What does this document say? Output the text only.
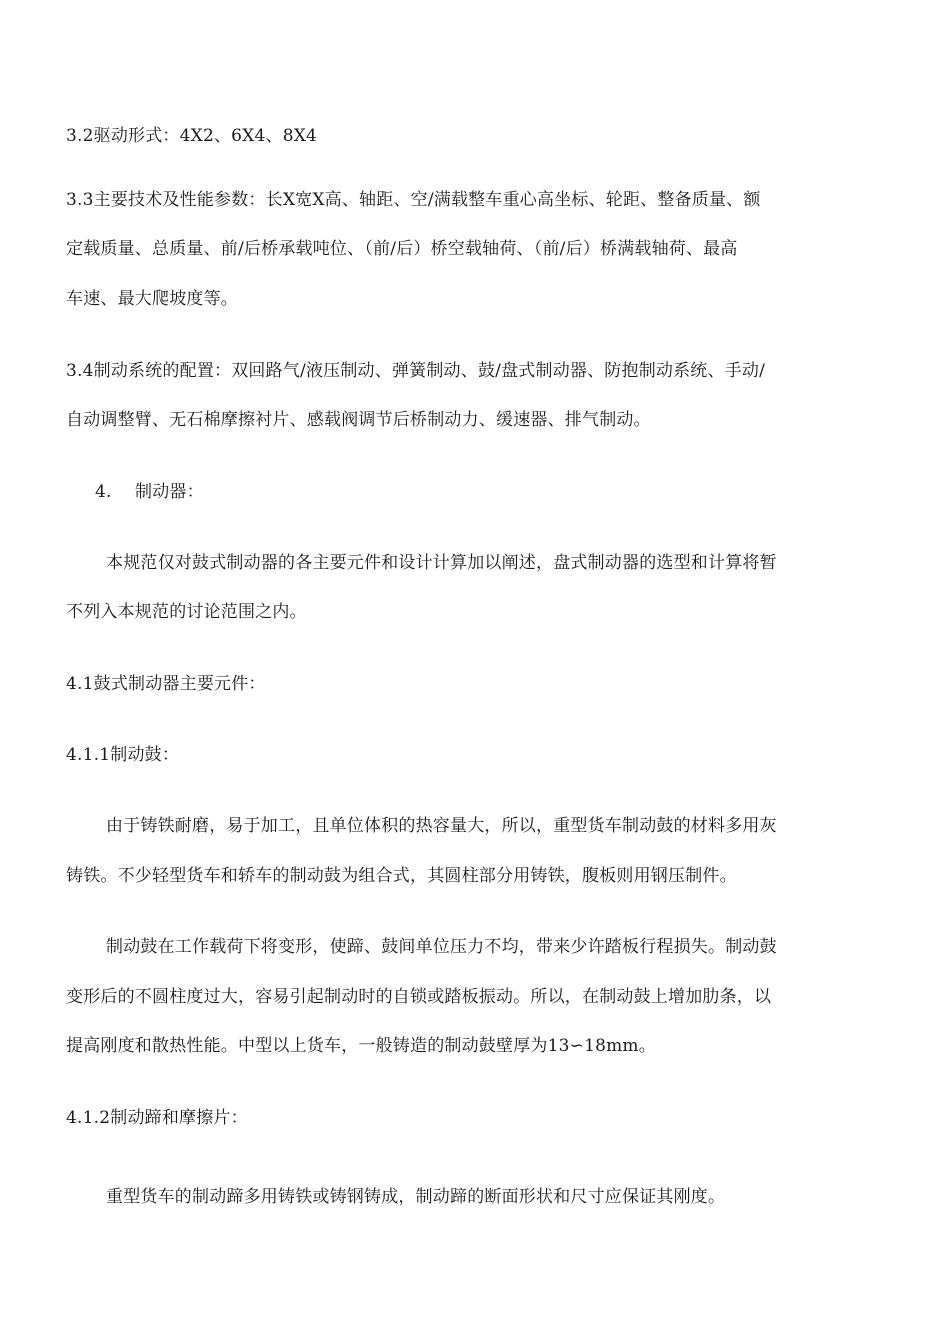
3.2驱动形式：4X2、6X4、8X4
3.3主要技术及性能参数：长X宽X高、轴距、空/满载整车重心高坐标、轮距、整备质量、额
定载质量、总质量、前/后桥承载吨位、（前/后）桥空载轴荷、（前/后）桥满载轴荷、最高
车速、最大爬坡度等。
3.4制动系统的配置：双回路气/液压制动、弹簧制动、鼓/盘式制动器、防抱制动系统、手动/
自动调整臂、无石棉摩擦衬片、感载阀调节后桥制动力、缓速器、排气制动。
4. 制动器：
本规范仅对鼓式制动器的各主要元件和设计计算加以阐述，盘式制动器的选型和计算将暂
不列入本规范的讨论范围之内。
4.1鼓式制动器主要元件：
4.1.1制动鼓：
由于铸铁耐磨，易于加工，且单位体积的热容量大，所以，重型货车制动鼓的材料多用灰
铸铁。不少轻型货车和轿车的制动鼓为组合式，其圆柱部分用铸铁，腹板则用钢压制件。
制动鼓在工作载荷下将变形，使蹄、鼓间单位压力不均，带来少许踏板行程损失。制动鼓
变形后的不圆柱度过大，容易引起制动时的自锁或踏板振动。所以，在制动鼓上增加肋条，以
提高刚度和散热性能。中型以上货车，一般铸造的制动鼓壁厚为13∽18mm。
4.1.2制动蹄和摩擦片：
重型货车的制动蹄多用铸铁或铸钢铸成，制动蹄的断面形状和尺寸应保证其刚度。
